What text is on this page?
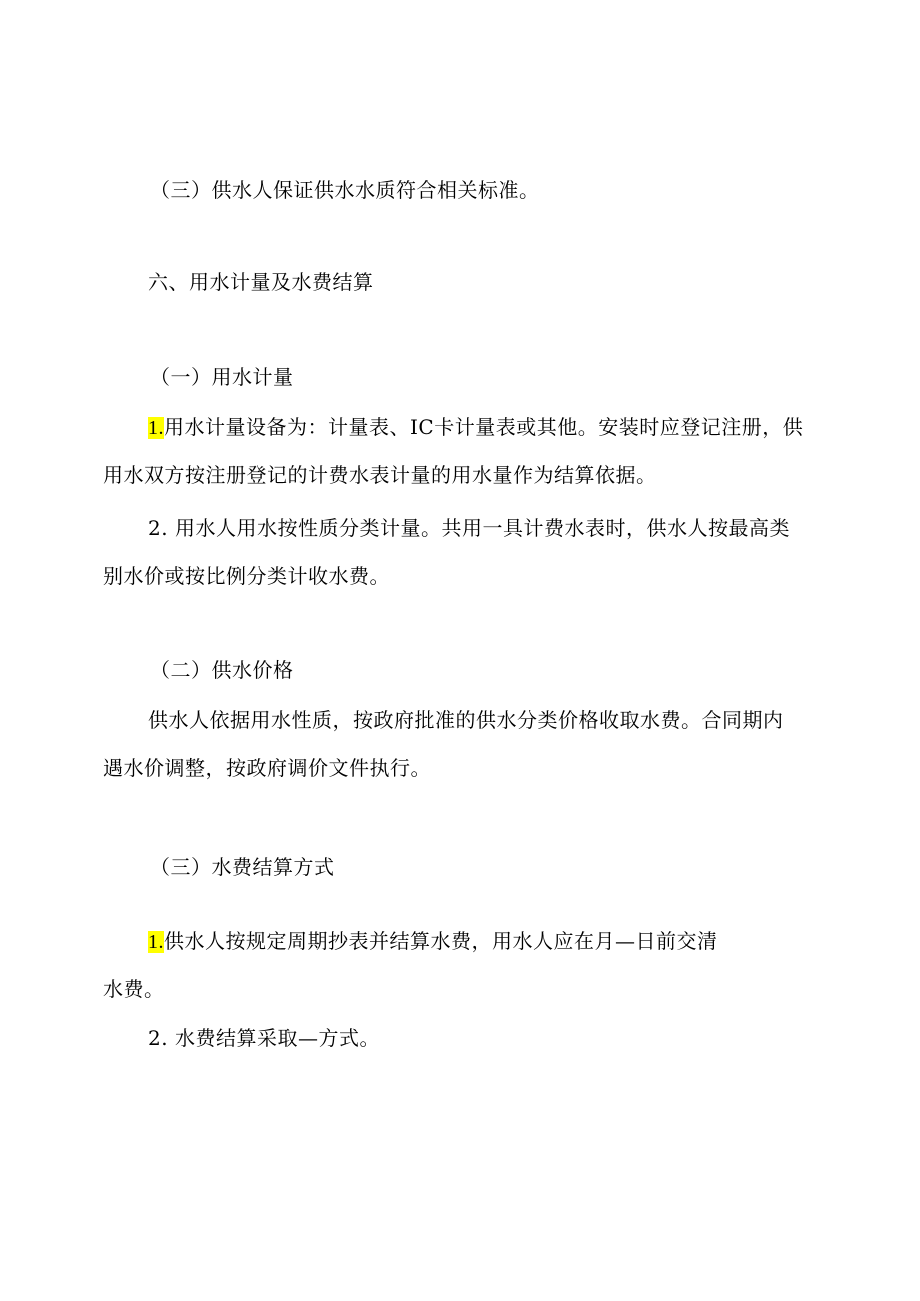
（三）供水人保证供水水质符合相关标准。
六、用水计量及水费结算
（一）用水计量
1.用水计量设备为：计量表、IC卡计量表或其他。安装时应登记注册，供
用水双方按注册登记的计费水表计量的用水量作为结算依据。
2. 用水人用水按性质分类计量。共用一具计费水表时，供水人按最高类
别水价或按比例分类计收水费。
（二）供水价格
供水人依据用水性质，按政府批准的供水分类价格收取水费。合同期内
遇水价调整，按政府调价文件执行。
（三）水费结算方式
1.供水人按规定周期抄表并结算水费，用水人应在月—日前交清
水费。
2. 水费结算采取—方式。
